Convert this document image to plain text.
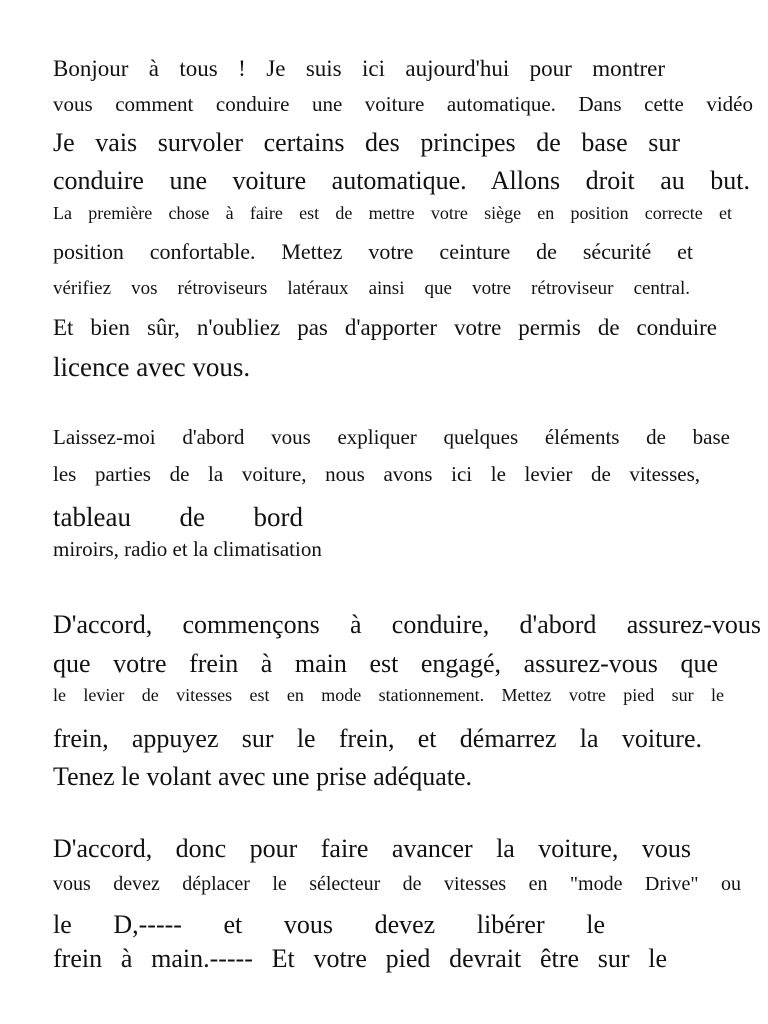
Bonjour à tous ! Je suis ici aujourd'hui pour montrer
vous comment conduire une voiture automatique. Dans cette vidéo
Je vais survoler certains des principes de base sur
conduire une voiture automatique. Allons droit au but.
La première chose à faire est de mettre votre siège en position correcte et
position confortable. Mettez votre ceinture de sécurité et
vérifiez vos rétroviseurs latéraux ainsi que votre rétroviseur central.
Et bien sûr, n'oubliez pas d'apporter votre permis de conduire
licence avec vous.
Laissez-moi d'abord vous expliquer quelques éléments de base
les parties de la voiture, nous avons ici le levier de vitesses,
tableau de bord
miroirs, radio et la climatisation
D'accord, commençons à conduire, d'abord assurez-vous
que votre frein à main est engagé, assurez-vous que
le levier de vitesses est en mode stationnement. Mettez votre pied sur le
frein, appuyez sur le frein, et démarrez la voiture.
Tenez le volant avec une prise adéquate.
D'accord, donc pour faire avancer la voiture, vous
vous devez déplacer le sélecteur de vitesses en "mode Drive" ou
le D,----- et vous devez libérer le
frein à main.----- Et votre pied devrait être sur le
